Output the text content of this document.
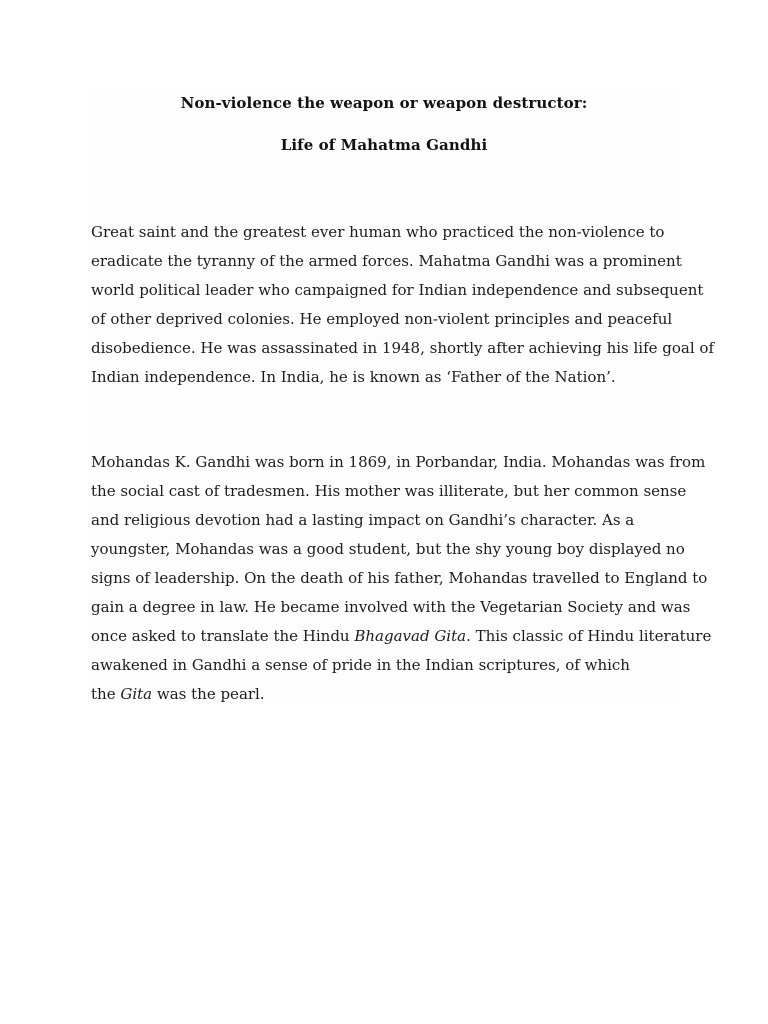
Non-violence the weapon or weapon destructor:
Life of Mahatma Gandhi
Great saint and the greatest ever human who practiced the non-violence to
eradicate the tyranny of the armed forces. Mahatma Gandhi was a prominent
world political leader who campaigned for Indian independence and subsequent
of other deprived colonies. He employed non-violent principles and peaceful
disobedience. He was assassinated in 1948, shortly after achieving his life goal of
Indian independence. In India, he is known as ‘Father of the Nation’.
Mohandas K. Gandhi was born in 1869, in Porbandar, India. Mohandas was from
the social cast of tradesmen. His mother was illiterate, but her common sense
and religious devotion had a lasting impact on Gandhi’s character. As a
youngster, Mohandas was a good student, but the shy young boy displayed no
signs of leadership. On the death of his father, Mohandas travelled to England to
gain a degree in law. He became involved with the Vegetarian Society and was
once asked to translate the Hindu Bhagavad Gita. This classic of Hindu literature
awakened in Gandhi a sense of pride in the Indian scriptures, of which
the Gita was the pearl.
